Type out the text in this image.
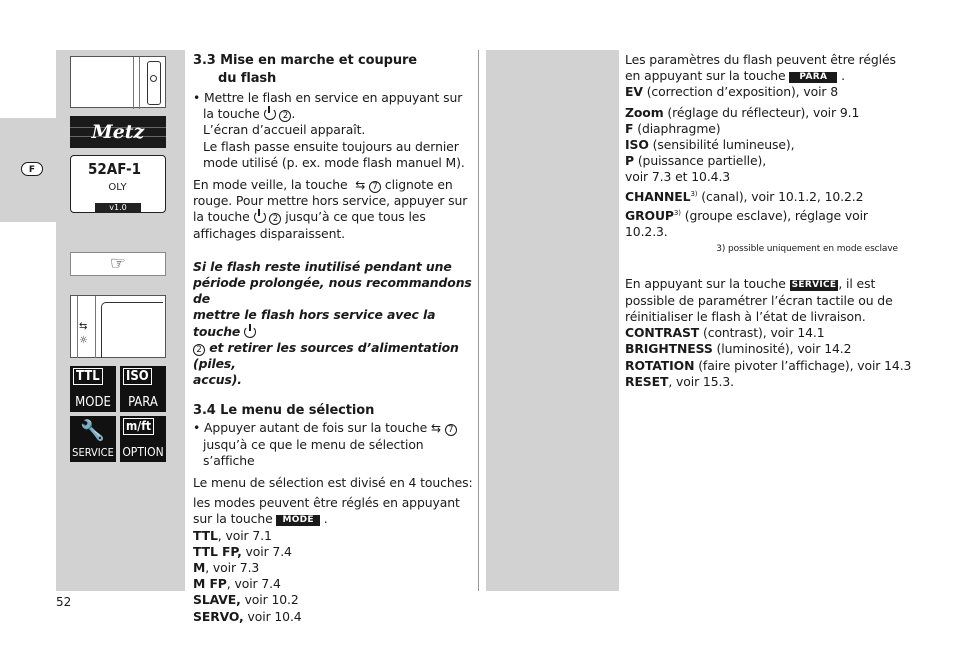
F
Metz
52AF-1
OLY
v1.0
☞
⇆
☼
TTL
MODE
ISO
PARA
🔧
SERVICE
m/ft
OPTION

3.3 Mise en marche et coupure

du flash

• Mettre le flash en service en appuyant sur

la touche	2 .

L’écran d’accueil apparaît.

Le flash passe ensuite toujours au dernier

mode utilisé (p. ex. mode flash manuel M).

En mode veille, la touche ⇆ 7 clignote en

rouge. Pour mettre hors service, appuyer sur

la touche	2 jusqu’à ce que tous les

affichages disparaissent.

Si le flash reste inutilisé pendant une

période prolongée, nous recommandons de

mettre le flash hors service avec la touche

2 et retirer les sources d’alimentation (piles,

accus).

3.4 Le menu de sélection

• Appuyer autant de fois sur la touche ⇆ 7

jusqu’à ce que le menu de sélection

s’affiche

Le menu de sélection est divisé en 4 touches:

les modes peuvent être réglés en appuyant

sur la touche MODE .

TTL, voir 7.1

TTL FP, voir 7.4

M, voir 7.3

M FP, voir 7.4

SLAVE, voir 10.2

SERVO, voir 10.4

Les paramètres du flash peuvent être réglés

en appuyant sur la touche PARA .

EV (correction d’exposition), voir 8

Zoom (réglage du réflecteur), voir 9.1

F (diaphragme)

ISO (sensibilité lumineuse),

P (puissance partielle),

voir 7.3 et 10.4.3

CHANNEL$^{3)}$ (canal), voir 10.1.2, 10.2.2

GROUP$^{3)}$ (groupe esclave), réglage voir

10.2.3.

3) possible uniquement en mode esclave

En appuyant sur la touche SERVICE , il est

possible de paramétrer l’écran tactile ou de

réinitialiser le flash à l’état de livraison.

CONTRAST (contrast), voir 14.1

BRIGHTNESS (luminosité), voir 14.2

ROTATION (faire pivoter l’affichage), voir 14.3

RESET, voir 15.3.

52
